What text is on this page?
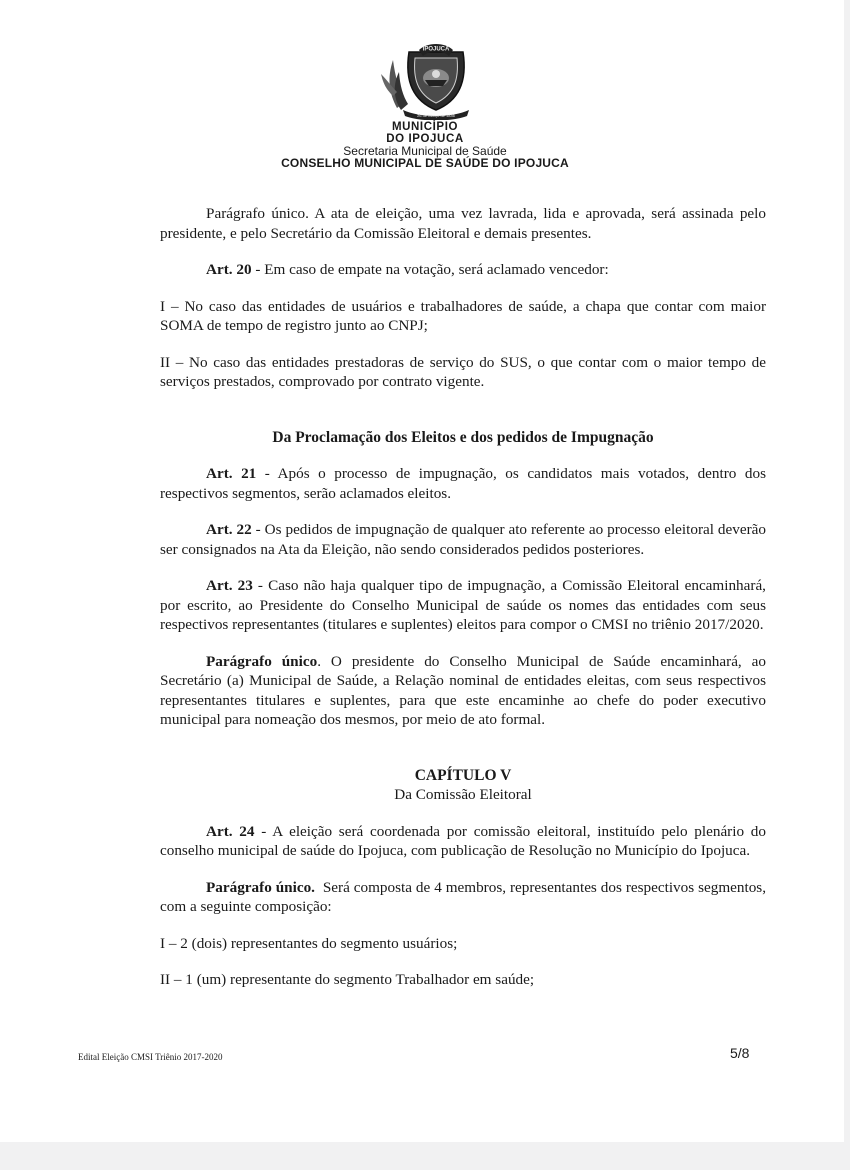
IPOJUCA
26 de Março de 1846
MUNICÍPIO
DO IPOJUCA
Secretaria Municipal de Saúde
CONSELHO MUNICIPAL DE SAÚDE DO IPOJUCA

Parágrafo único. A ata de eleição, uma vez lavrada, lida e aprovada, será assinada pelo presidente, e pelo Secretário da Comissão Eleitoral e demais presentes.

Art. 20 - Em caso de empate na votação, será aclamado vencedor:

I – No caso das entidades de usuários e trabalhadores de saúde, a chapa que contar com maior SOMA de tempo de registro junto ao CNPJ;

II – No caso das entidades prestadoras de serviço do SUS, o que contar com o maior tempo de serviços prestados, comprovado por contrato vigente.

Da Proclamação dos Eleitos e dos pedidos de Impugnação

Art. 21 - Após o processo de impugnação, os candidatos mais votados, dentro dos respectivos segmentos, serão aclamados eleitos.

Art. 22 - Os pedidos de impugnação de qualquer ato referente ao processo eleitoral deverão ser consignados na Ata da Eleição, não sendo considerados pedidos posteriores.

Art. 23 - Caso não haja qualquer tipo de impugnação, a Comissão Eleitoral encaminhará, por escrito, ao Presidente do Conselho Municipal de saúde os nomes das entidades com seus respectivos representantes (titulares e suplentes) eleitos para compor o CMSI no triênio 2017/2020.

Parágrafo único. O presidente do Conselho Municipal de Saúde encaminhará, ao Secretário (a) Municipal de Saúde, a Relação nominal de entidades eleitas, com seus respectivos representantes titulares e suplentes, para que este encaminhe ao chefe do poder executivo municipal para nomeação dos mesmos, por meio de ato formal.

CAPÍTULO V

Da Comissão Eleitoral

Art. 24 - A eleição será coordenada por comissão eleitoral, instituído pelo plenário do conselho municipal de saúde do Ipojuca, com publicação de Resolução no Município do Ipojuca.

Parágrafo único.  Será composta de 4 membros, representantes dos respectivos segmentos, com a seguinte composição:

I – 2 (dois) representantes do segmento usuários;

II – 1 (um) representante do segmento Trabalhador em saúde;

Edital Eleição CMSI Triênio 2017-2020	5/8
